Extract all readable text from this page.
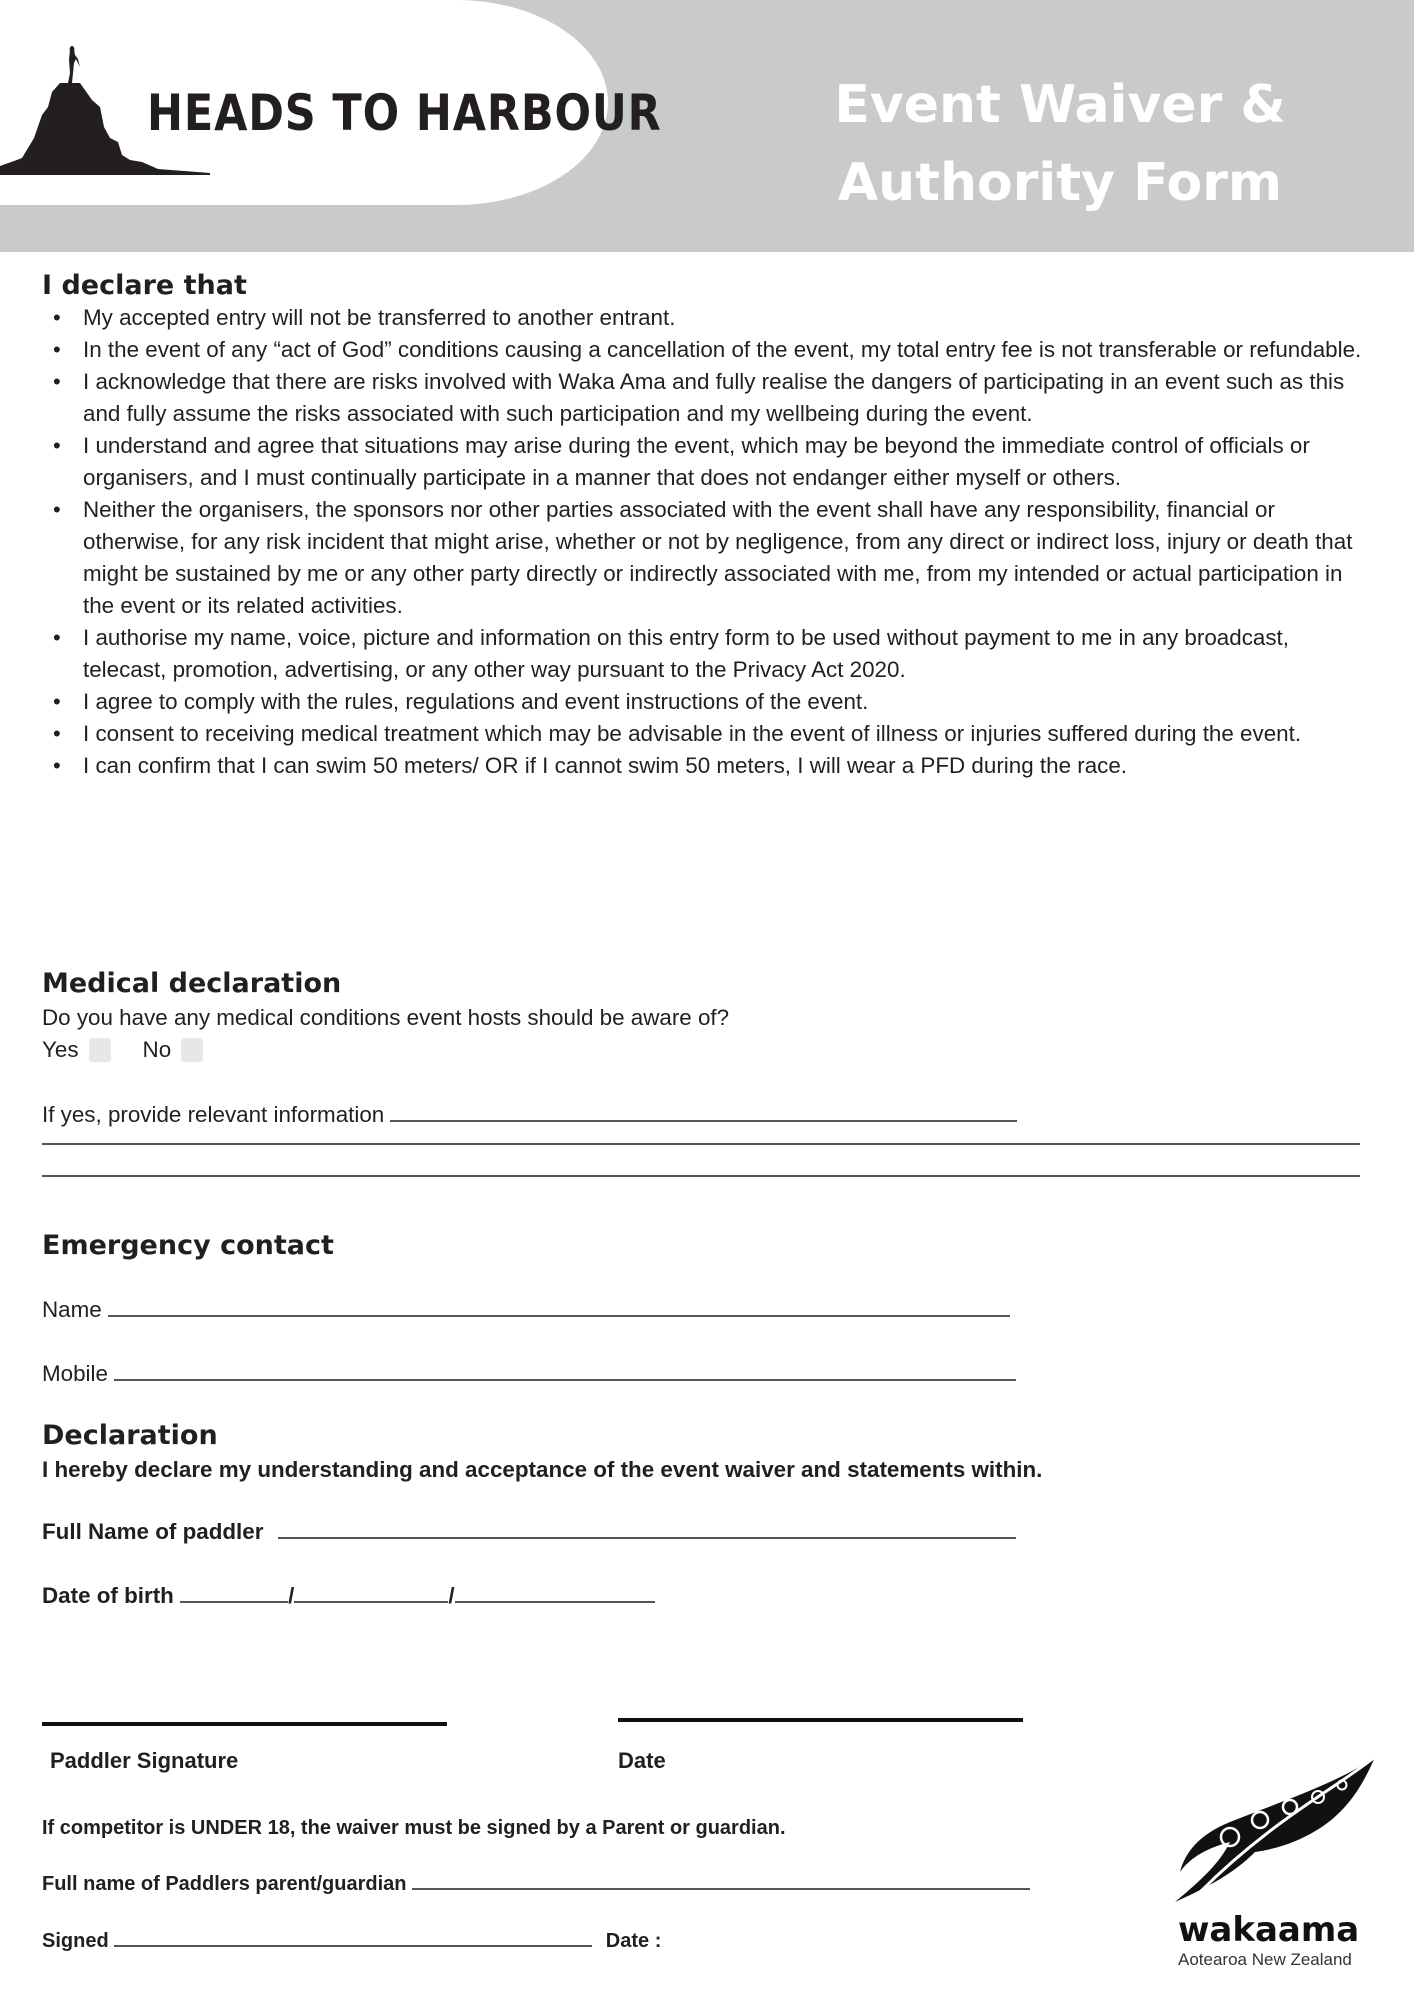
HEADS TO HARBOUR	Event Waiver &
Authority Form
I declare that
• My accepted entry will not be transferred to another entrant.
• In the event of any “act of God” conditions causing a cancellation of the event, my total entry fee is not transferable or refundable.
• I acknowledge that there are risks involved with Waka Ama and fully realise the dangers of participating in an event such as this and fully assume the risks associated with such participation and my wellbeing during the event.
• I understand and agree that situations may arise during the event, which may be beyond the immediate control of officials or organisers, and I must continually participate in a manner that does not endanger either myself or others.
• Neither the organisers, the sponsors nor other parties associated with the event shall have any responsibility, financial or otherwise, for any risk incident that might arise, whether or not by negligence, from any direct or indirect loss, injury or death that might be sustained by me or any other party directly or indirectly associated with me, from my intended or actual participation in the event or its related activities.
• I authorise my name, voice, picture and information on this entry form to be used without payment to me in any broadcast, telecast, promotion, advertising, or any other way pursuant to the Privacy Act 2020.
• I agree to comply with the rules, regulations and event instructions of the event.
• I consent to receiving medical treatment which may be advisable in the event of illness or injuries suffered during the event.
• I can confirm that I can swim 50 meters/ OR if I cannot swim 50 meters, I will wear a PFD during the race.
Medical declaration
Do you have any medical conditions event hosts should be aware of?
Yes	No
If yes, provide relevant information
Emergency contact
Name
Mobile
Declaration
I hereby declare my understanding and acceptance of the event waiver and statements within.
Full Name of paddler
Date of birth	/	/
Paddler Signature	Date
If competitor is UNDER 18, the waiver must be signed by a Parent or guardian.
Full name of Paddlers parent/guardian
Signed	Date :	wakaama
Aotearoa New Zealand
